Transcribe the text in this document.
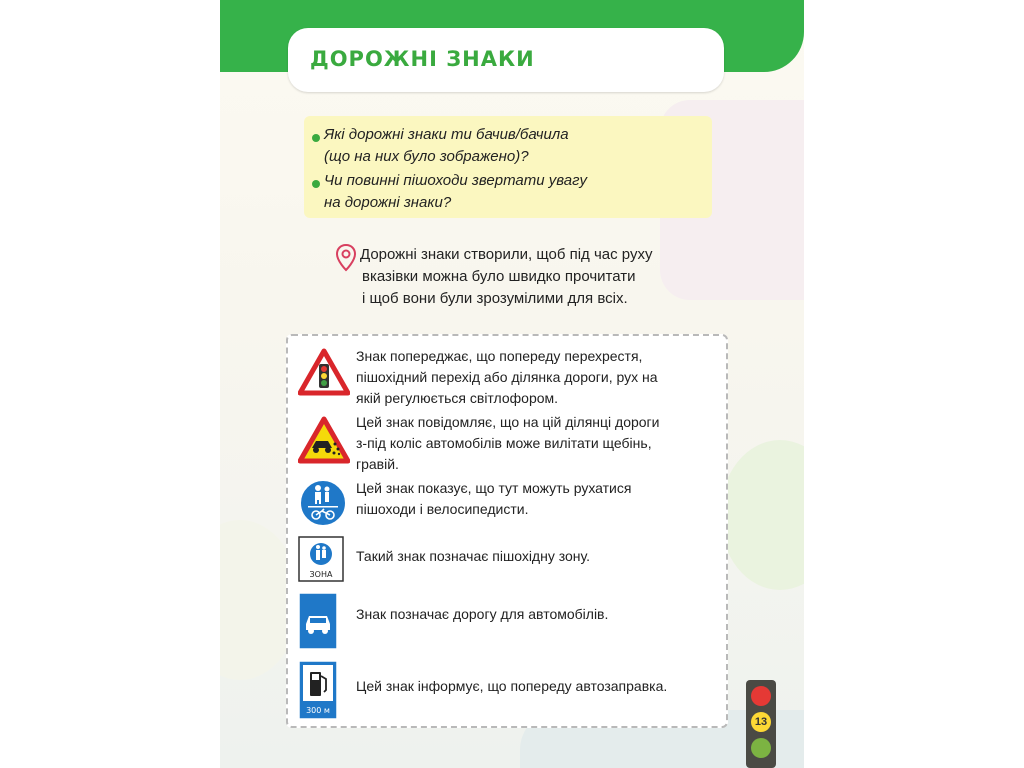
ДОРОЖНІ ЗНАКИ
Які дорожні знаки ти бачив/бачила
(що на них було зображено)?
Чи повинні пішоходи звертати увагу
на дорожні знаки?
Дорожні знаки створили, щоб під час руху
вказівки можна було швидко прочитати
і щоб вони були зрозумілими для всіх.
Знак попереджає, що попереду перехрестя,
пішохідний перехід або ділянка дороги, рух на
якій регулюється світлофором.
Цей знак повідомляє, що на цій ділянці дороги
з-під коліс автомобілів може вилітати щебінь,
гравій.
Цей знак показує, що тут можуть рухатися
пішоходи і велосипедисти.
ЗОНА
Такий знак позначає пішохідну зону.
Знак позначає дорогу для автомобілів.
300 м
Цей знак інформує, що попереду автозаправка.
13
